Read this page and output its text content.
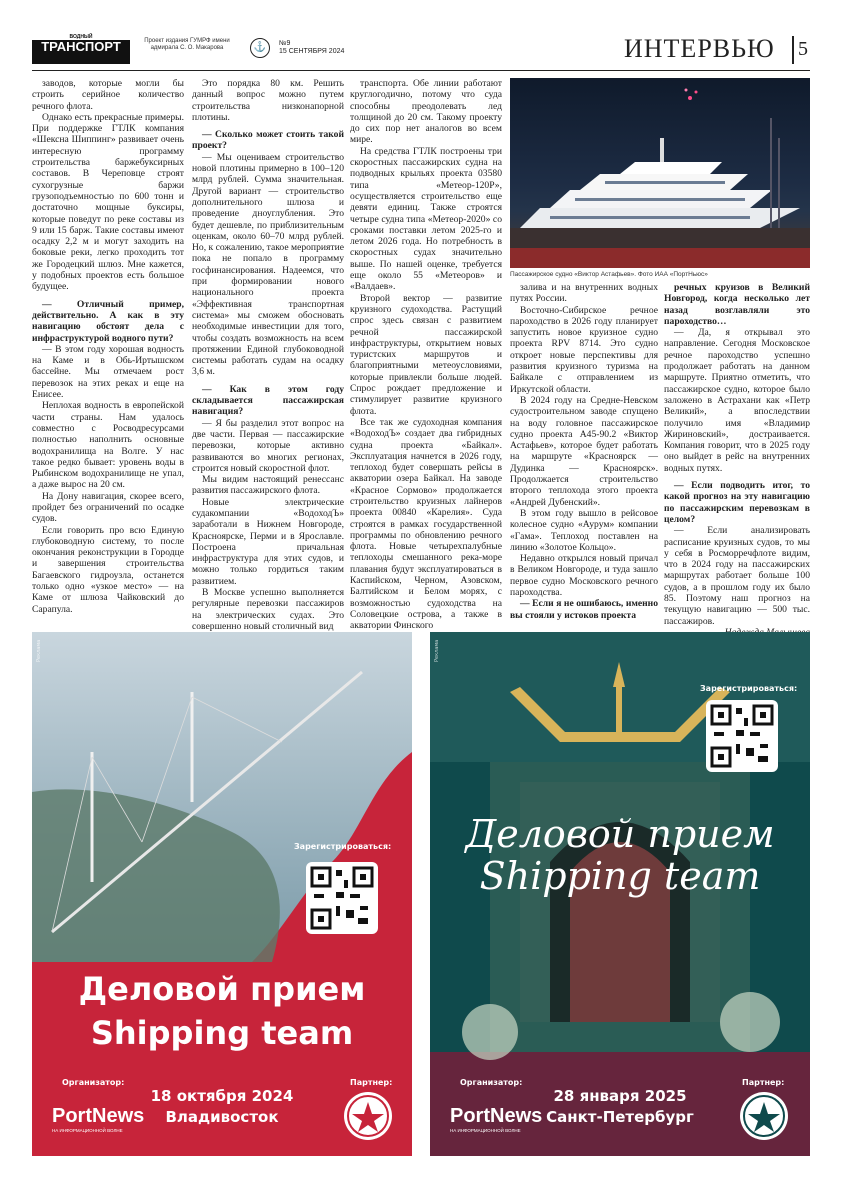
ВОДНЫЙ
ТРАНСПОРТ	Проект издания ГУМРФ имени адмирала С. О. Макарова	⚓	№9
15 СЕНТЯБРЯ 2024	ИНТЕРВЬЮ 5

заводов, которые могли бы строить серийное количество речного флота.

Однако есть прекрасные примеры. При поддержке ГТЛК компания «Шексна Шиппинг» развивает очень интересную программу строительства баржебуксирных составов. В Череповце строят сухогрузные баржи грузоподъемностью по 600 тонн и достаточно мощные буксиры, которые поведут по реке составы из 9 или 15 барж. Такие составы имеют осадку 2,2 м и могут заходить на боковые реки, легко проходить тот же Городецкий шлюз. Мне кажется, у подобных проектов есть большое будущее.

— Отличный пример, действительно. А как в эту навигацию обстоят дела с инфраструктурой водного пути?

— В этом году хорошая водность на Каме и в Обь-Иртышском бассейне. Мы отмечаем рост перевозок на этих реках и еще на Енисее.

Неплохая водность в европейской части страны. Нам удалось совместно с Росводресурсами полностью наполнить основные водохранилища на Волге. У нас такое редко бывает: уровень воды в Рыбинском водохранилище не упал, а даже вырос на 20 см.

На Дону навигация, скорее всего, пройдет без ограничений по осадке судов.

Если говорить про всю Единую глубоководную систему, то после окончания реконструкции в Городце и завершения строительства Багаевского гидроузла, останется только одно «узкое место» — на Каме от шлюза Чайковский до Сарапула.

Это порядка 80 км. Решить данный вопрос можно путем строительства низконапорной плотины.

— Сколько может стоить такой проект?

— Мы оцениваем строительство новой плотины примерно в 100–120 млрд рублей. Сумма значительная. Другой вариант — строительство дополнительного шлюза и проведение дноуглубления. Это будет дешевле, по приблизительным оценкам, около 60–70 млрд рублей. Но, к сожалению, такое мероприятие пока не попало в программу госфинансирования. Надеемся, что при формировании нового национального проекта «Эффективная транспортная система» мы сможем обосновать необходимые инвестиции для того, чтобы создать возможность на всем протяжении Единой глубоководной системы работать судам на осадку 3,6 м.

— Как в этом году складывается пассажирская навигация?

— Я бы разделил этот вопрос на две части. Первая — пассажирские перевозки, которые активно развиваются во многих регионах, строится новый скоростной флот.

Мы видим настоящий ренессанс развития пассажирского флота.

Новые электрические судакомпании «ВодоходЪ» заработали в Нижнем Новгороде, Красноярске, Перми и в Ярославле. Построена причальная инфраструктура для этих судов, и можно только гордиться таким развитием.

В Москве успешно выполняется регулярные перевозки пассажиров на электрических судах. Это совершенно новый столичный вид

транспорта. Обе линии работают круглогодично, потому что суда способны преодолевать лед толщиной до 20 см. Такому проекту до сих пор нет аналогов во всем мире.

На средства ГТЛК построены три скоростных пассажирских судна на подводных крыльях проекта 03580 типа «Метеор-120Р», осуществляется строительство еще девяти единиц. Также строятся четыре судна типа «Метеор-2020» со сроками поставки летом 2025-го и летом 2026 года. Но потребность в скоростных судах значительно выше. По нашей оценке, требуется еще около 55 «Метеоров» и «Валдаев».

Второй вектор — развитие круизного судоходства. Растущий спрос здесь связан с развитием речной пассажирской инфраструктуры, открытием новых туристских маршрутов и благоприятными метеоусловиями, которые привлекли больше людей. Спрос рождает предложение и стимулирует развитие круизного флота.

Все так же судоходная компания «ВодоходЪ» создает два гибридных судна проекта «Байкал». Эксплуатация начнется в 2026 году, теплоход будет совершать рейсы в акватории озера Байкал. На заводе «Красное Сормово» продолжается строительство круизных лайнеров проекта 00840 «Карелия». Суда строятся в рамках государственной программы по обновлению речного флота. Новые четырехпалубные теплоходы смешанного река-море плавания будут эксплуатироваться в Каспийском, Черном, Азовском, Балтийском и Белом морях, с возможностью судоходства на Соловецкие острова, а также в акватории Финского

залива и на внутренних водных путях России.

Восточно-Сибирское речное пароходство в 2026 году планирует запустить новое круизное судно проекта RPV 8714. Это судно откроет новые перспективы для развития круизного туризма на Байкале с отправлением из Иркутской области.

В 2024 году на Средне-Невском судостроительном заводе спущено на воду головное пассажирское судно проекта А45-90.2 «Виктор Астафьев», которое будет работать на маршруте «Красноярск — Дудинка — Красноярск». Продолжается строительство второго теплохода этого проекта «Андрей Дубенский».

В этом году вышло в рейсовое колесное судно «Аурум» компании «Гама». Теплоход поставлен на линию «Золотое Кольцо».

Недавно открылся новый причал в Великом Новгороде, и туда зашло первое судно Московского речного пароходства.

— Если я не ошибаюсь, именно вы стояли у истоков проекта

речных круизов в Великий Новгород, когда несколько лет назад возглавляли это пароходство…

— Да, я открывал это направление. Сегодня Московское речное пароходство успешно продолжает работать на данном маршруте. Приятно отметить, что пассажирское судно, которое было заложено в Астрахани как «Петр Великий», а впоследствии получило имя «Владимир Жириновский», достраивается. Компания говорит, что в 2025 году оно выйдет в рейс на внутренних водных путях.

— Если подводить итог, то какой прогноз на эту навигацию по пассажирским перевозкам в целом?

— Если анализировать расписание круизных судов, то мы у себя в Росморречфлоте видим, что в 2024 году на пассажирских маршрутах работает больше 100 судов, а в прошлом году их было 85. Поэтому наш прогноз на текущую навигацию — 500 тыс. пассажиров.

Пассажирское судно «Виктор Астафьев». Фото ИАА «ПортНьюс»
Реклама
Зарегистрироваться:
Деловой прием
Shipping team
Организатор:
PortNews
НА ИНФОРМАЦИОННОЙ ВОЛНЕ
18 октября 2024
Владивосток
Партнер:
Реклама
Зарегистрироваться:
Деловой прием
Shipping team
Организатор:
PortNews
НА ИНФОРМАЦИОННОЙ ВОЛНЕ
28 января 2025
Санкт-Петербург
Партнер:
